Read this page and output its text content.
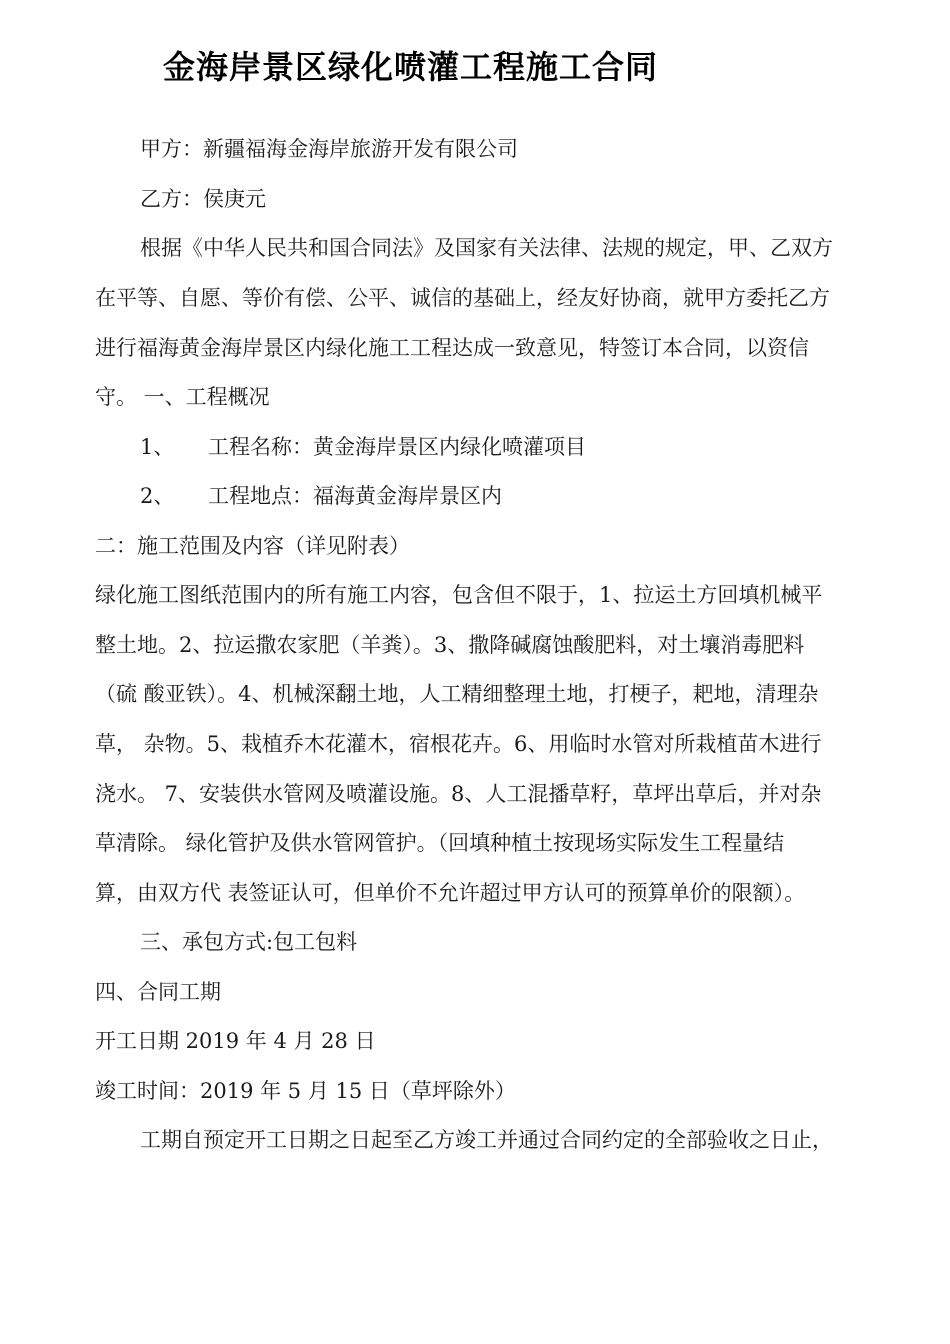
金海岸景区绿化喷灌工程施工合同
甲方：新疆福海金海岸旅游开发有限公司
乙方：侯庚元
根据《中华人民共和国合同法》及国家有关法律、法规的规定，甲、乙双方
在平等、自愿、等价有偿、公平、诚信的基础上，经友好协商，就甲方委托乙方
进行福海黄金海岸景区内绿化施工工程达成一致意见，特签订本合同，以资信
守。 一、工程概况
1、 工程名称：黄金海岸景区内绿化喷灌项目
2、 工程地点：福海黄金海岸景区内
二：施工范围及内容（详见附表）
绿化施工图纸范围内的所有施工内容，包含但不限于，1、拉运土方回填机械平
整土地。2、拉运撒农家肥（羊粪）。3、撒降碱腐蚀酸肥料，对土壤消毒肥料
（硫 酸亚铁）。4、机械深翻土地，人工精细整理土地，打梗子，耙地，清理杂
草， 杂物。5、栽植乔木花灌木，宿根花卉。6、用临时水管对所栽植苗木进行
浇水。 7、安装供水管网及喷灌设施。8、人工混播草籽，草坪出草后，并对杂
草清除。 绿化管护及供水管网管护。（回填种植土按现场实际发生工程量结
算，由双方代 表签证认可，但单价不允许超过甲方认可的预算单价的限额）。
三、承包方式:包工包料
四、合同工期
开工日期 2019 年 4 月 28 日
竣工时间：2019 年 5 月 15 日（草坪除外）
工期自预定开工日期之日起至乙方竣工并通过合同约定的全部验收之日止，
